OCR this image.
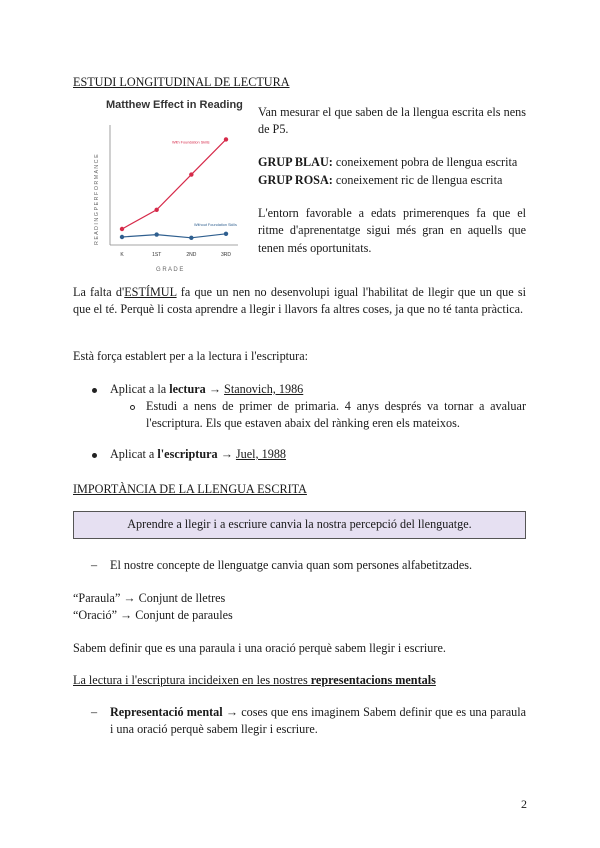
ESTUDI LONGITUDINAL DE LECTURA
Matthew Effect in Reading
R E A D I N G P E R F O R M A N C E
G R A D E
With Foundation Skills
Without Foundation Skills
K	1ST	2ND	3RD
Van mesurar el que saben de la llengua escrita els nens de P5.
GRUP BLAU: coneixement pobra de llengua escrita
GRUP ROSA: coneixement ric de llengua escrita
L'entorn favorable a edats primerenques fa que el ritme d'aprenentatge sigui més gran en aquells que tenen més oportunitats.
La falta d'ESTÍMUL fa que un nen no desenvolupi igual l'habilitat de llegir que un que si que el té. Perquè li costa aprendre a llegir i llavors fa altres coses, ja que no té tanta pràctica.
Està força establert per a la lectura i l'escriptura:
Aplicat a la lectura → Stanovich, 1986
Estudi a nens de primer de primaria. 4 anys després va tornar a avaluar l'escriptura. Els que estaven abaix del rànking eren els mateixos.
Aplicat a l'escriptura → Juel, 1988
IMPORTÀNCIA DE LA LLENGUA ESCRITA
Aprendre a llegir i a escriure canvia la nostra percepció del llenguatge.
– El nostre concepte de llenguatge canvia quan som persones alfabetitzades.
“Paraula” → Conjunt de lletres
“Oració” → Conjunt de paraules
Sabem definir que es una paraula i una oració perquè sabem llegir i escriure.
La lectura i l'escriptura incideixen en les nostres representacions mentals
– Representació mental → coses que ens imaginem Sabem definir que es una paraula i una oració perquè sabem llegir i escriure.
2
